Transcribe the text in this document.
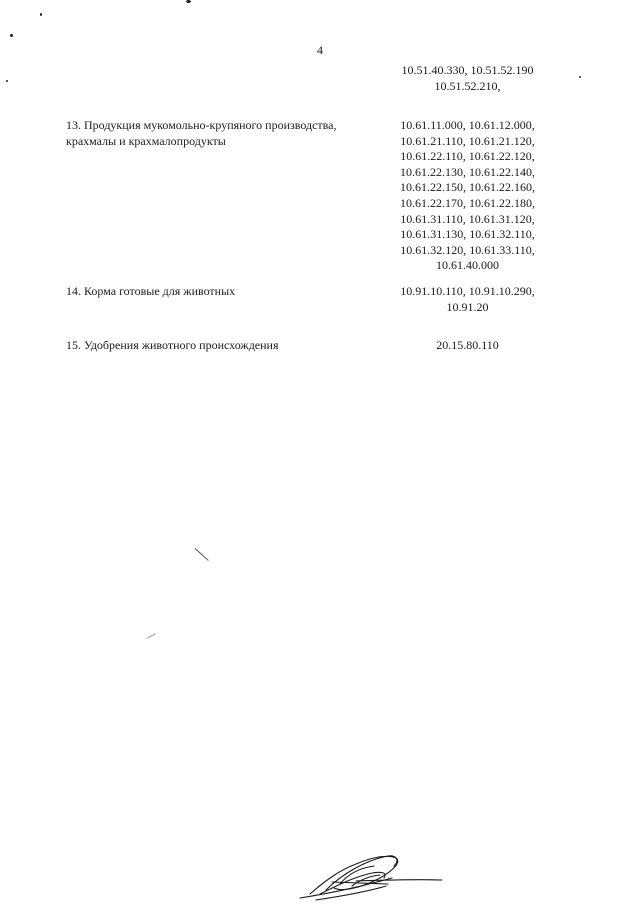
4
10.51.40.330, 10.51.52.190
10.51.52.210,
13. Продукция мукомольно-крупяного производства,
крахмалы и крахмалопродукты
10.61.11.000, 10.61.12.000,
10.61.21.110, 10.61.21.120,
10.61.22.110, 10.61.22.120,
10.61.22.130, 10.61.22.140,
10.61.22.150, 10.61.22.160,
10.61.22.170, 10.61.22.180,
10.61.31.110, 10.61.31.120,
10.61.31.130, 10.61.32.110,
10.61.32.120, 10.61.33.110,
10.61.40.000
14. Корма готовые для животных	10.91.10.110, 10.91.10.290,
10.91.20
15. Удобрения животного происхождения	20.15.80.110
